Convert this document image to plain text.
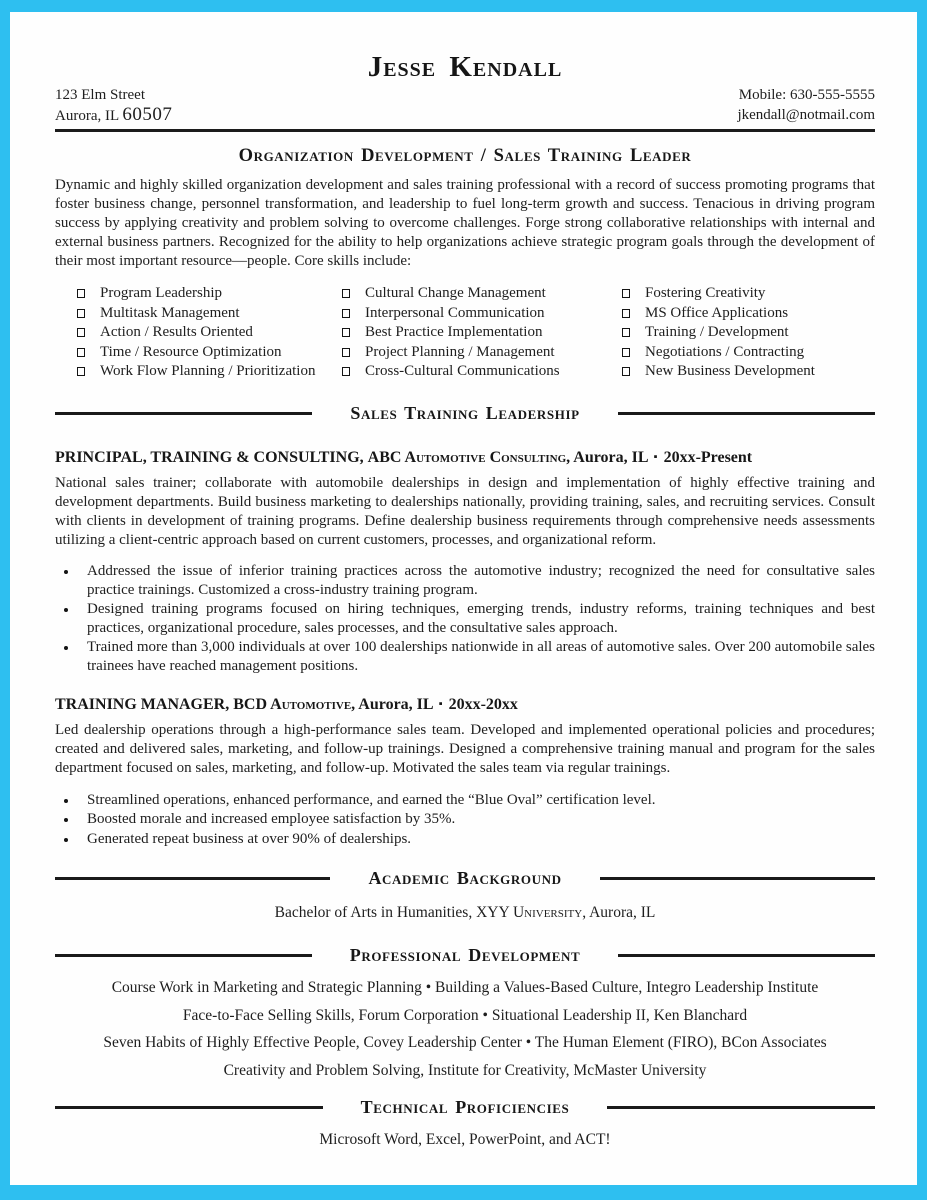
Jesse Kendall
123 Elm Street
Aurora, IL 60507
Mobile: 630-555-5555
jkendall@notmail.com
Organization Development / Sales Training Leader

Dynamic and highly skilled organization development and sales training professional with a record of success promoting programs that foster business change, personnel transformation, and leadership to fuel long-term growth and success. Tenacious in driving program success by applying creativity and problem solving to overcome challenges. Forge strong collaborative relationships with internal and external business partners. Recognized for the ability to help organizations achieve strategic program goals through the development of their most important resource—people. Core skills include:

Program Leadership
Multitask Management
Action / Results Oriented
Time / Resource Optimization
Work Flow Planning / Prioritization
Cultural Change Management
Interpersonal Communication
Best Practice Implementation
Project Planning / Management
Cross-Cultural Communications
Fostering Creativity
MS Office Applications
Training / Development
Negotiations / Contracting
New Business Development
Sales Training Leadership
PRINCIPAL, TRAINING & CONSULTING, ABC Automotive Consulting, Aurora, IL ▪ 20xx-Present

National sales trainer; collaborate with automobile dealerships in design and implementation of highly effective training and development departments. Build business marketing to dealerships nationally, providing training, sales, and recruiting services. Consult with clients in development of training programs. Define dealership business requirements through comprehensive needs assessments utilizing a client-centric approach based on current customers, processes, and organizational reform.

Addressed the issue of inferior training practices across the automotive industry; recognized the need for consultative sales practice trainings. Customized a cross-industry training program.
Designed training programs focused on hiring techniques, emerging trends, industry reforms, training techniques and best practices, organizational procedure, sales processes, and the consultative sales approach.
Trained more than 3,000 individuals at over 100 dealerships nationwide in all areas of automotive sales. Over 200 automobile sales trainees have reached management positions.
TRAINING MANAGER, BCD Automotive, Aurora, IL ▪ 20xx-20xx

Led dealership operations through a high-performance sales team. Developed and implemented operational policies and procedures; created and delivered sales, marketing, and follow-up trainings. Designed a comprehensive training manual and program for the sales department focused on sales, marketing, and follow-up. Motivated the sales team via regular trainings.

Streamlined operations, enhanced performance, and earned the “Blue Oval” certification level.
Boosted morale and increased employee satisfaction by 35%.
Generated repeat business at over 90% of dealerships.
Academic Background
Bachelor of Arts in Humanities, XYY University, Aurora, IL
Professional Development
Course Work in Marketing and Strategic Planning • Building a Values-Based Culture, Integro Leadership Institute
Face-to-Face Selling Skills, Forum Corporation • Situational Leadership II, Ken Blanchard
Seven Habits of Highly Effective People, Covey Leadership Center • The Human Element (FIRO), BCon Associates
Creativity and Problem Solving, Institute for Creativity, McMaster University
Technical Proficiencies
Microsoft Word, Excel, PowerPoint, and ACT!
